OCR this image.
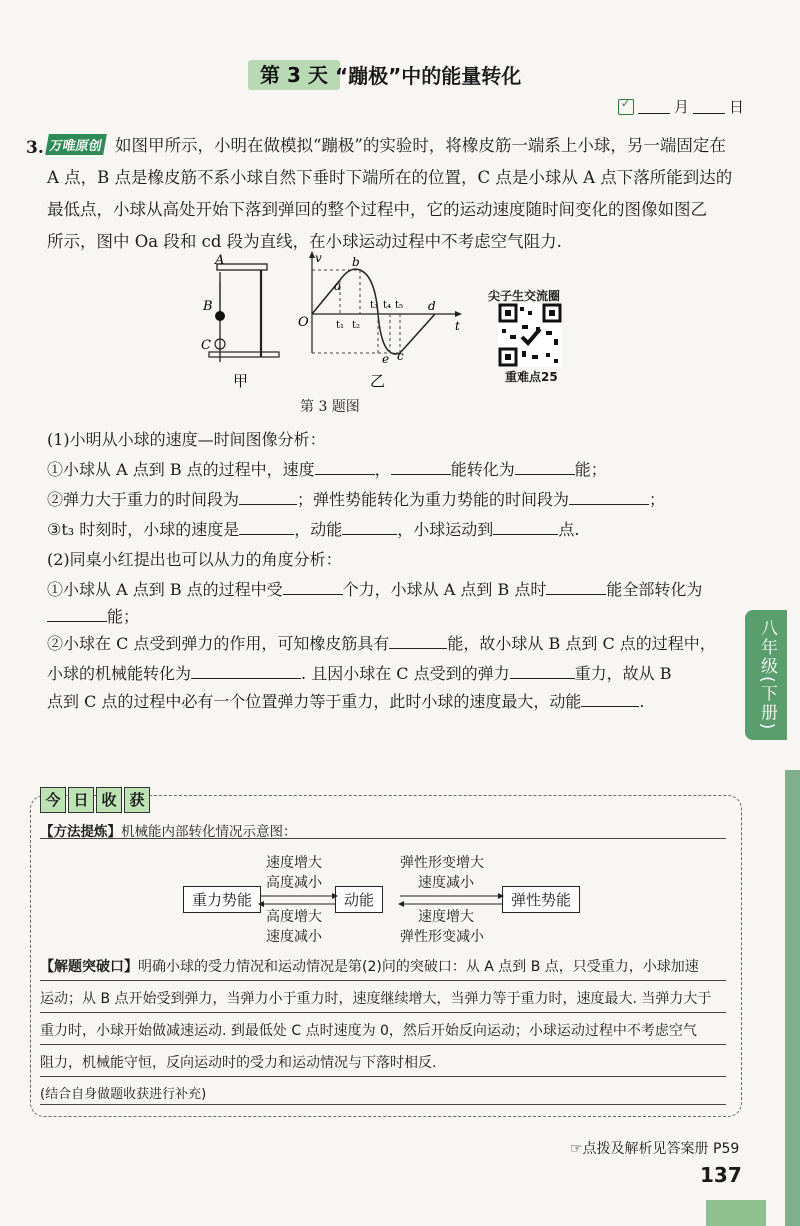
第 3 天 “蹦极”中的能量转化
✓
月	日
3. 万唯原创 如图甲所示，小明在做模拟“蹦极”的实验时，将橡皮筋一端系上小球，另一端固定在
A 点，B 点是橡皮筋不系小球自然下垂时下端所在的位置，C 点是小球从 A 点下落所能到达的
最低点，小球从高处开始下落到弹回的整个过程中，它的运动速度随时间变化的图像如图乙
所示，图中 Oa 段和 cd 段为直线，在小球运动过程中不考虑空气阻力.
A
B
C
甲
v
t
O
a
b
c
e
d
t₁ t₂
t₃ t₄ t₅
乙
尖子生交流圈
重难点25
第 3 题图
(1)小明从小球的速度—时间图像分析：
①小球从 A 点到 B 点的过程中，速度	，	能转化为	能；
②弹力大于重力的时间段为	；弹性势能转化为重力势能的时间段为	；
③t₃ 时刻时，小球的速度是	，动能	，小球运动到	点.
(2)同桌小红提出也可以从力的角度分析：
①小球从 A 点到 B 点的过程中受	个力，小球从 A 点到 B 点时	能全部转化为
能；
②小球在 C 点受到弹力的作用，可知橡皮筋具有	能，故小球从 B 点到 C 点的过程中，
小球的机械能转化为	. 且因小球在 C 点受到的弹力	重力，故从 B
点到 C 点的过程中必有一个位置弹力等于重力，此时小球的速度最大，动能	.	八年级(下册)
今 日 收 获
【方法提炼】机械能内部转化情况示意图：
速度增大
高度减小
弹性形变增大
速度减小
重力势能	动能	弹性势能
高度增大
速度减小
速度增大
弹性形变减小
【解题突破口】明确小球的受力情况和运动情况是第(2)问的突破口：从 A 点到 B 点，只受重力，小球加速
运动；从 B 点开始受到弹力，当弹力小于重力时，速度继续增大，当弹力等于重力时，速度最大. 当弹力大于
重力时，小球开始做减速运动. 到最低处 C 点时速度为 0，然后开始反向运动；小球运动过程中不考虑空气
阻力，机械能守恒，反向运动时的受力和运动情况与下落时相反.
(结合自身做题收获进行补充)
☞点拨及解析见答案册 P59
137
